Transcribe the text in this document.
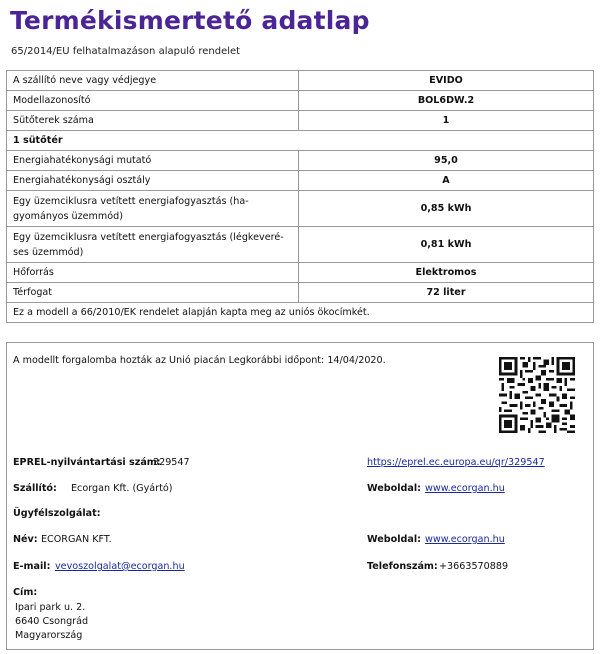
Termékismertető adatlap
65/2014/EU felhatalmazáson alapuló rendelet
A szállító neve vagy védjegye	EVIDO
Modellazonosító	BOL6DW.2
Sütőterek száma	1
1 sütőtér	
Energiahatékonysági mutató	95,0
Energiahatékonysági osztály	A
Egy üzemciklusra vetített energiafogyasztás (ha-
gyományos üzemmód)	0,85 kWh
Egy üzemciklusra vetített energiafogyasztás (légkeveré-
ses üzemmód)	0,81 kWh
Hőforrás	Elektromos
Térfogat	72 liter
Ez a modell a 66/2010/EK rendelet alapján kapta meg az uniós ökocímkét.	
A modellt forgalomba hozták az Unió piacán Legkorábbi időpont: 14/04/2020.
EPREL-nyilvántartási szám:
329547	https://eprel.ec.europa.eu/qr/329547
Szállító: Ecorgan Kft. (Gyártó)	Weboldal: www.ecorgan.hu
Ügyfélszolgálat:
Név: ECORGAN KFT.	Weboldal: www.ecorgan.hu
E-mail: vevoszolgalat@ecorgan.hu	Telefonszám: +3663570889
Cím:
Ipari park u. 2.
6640 Csongrád
Magyarország
